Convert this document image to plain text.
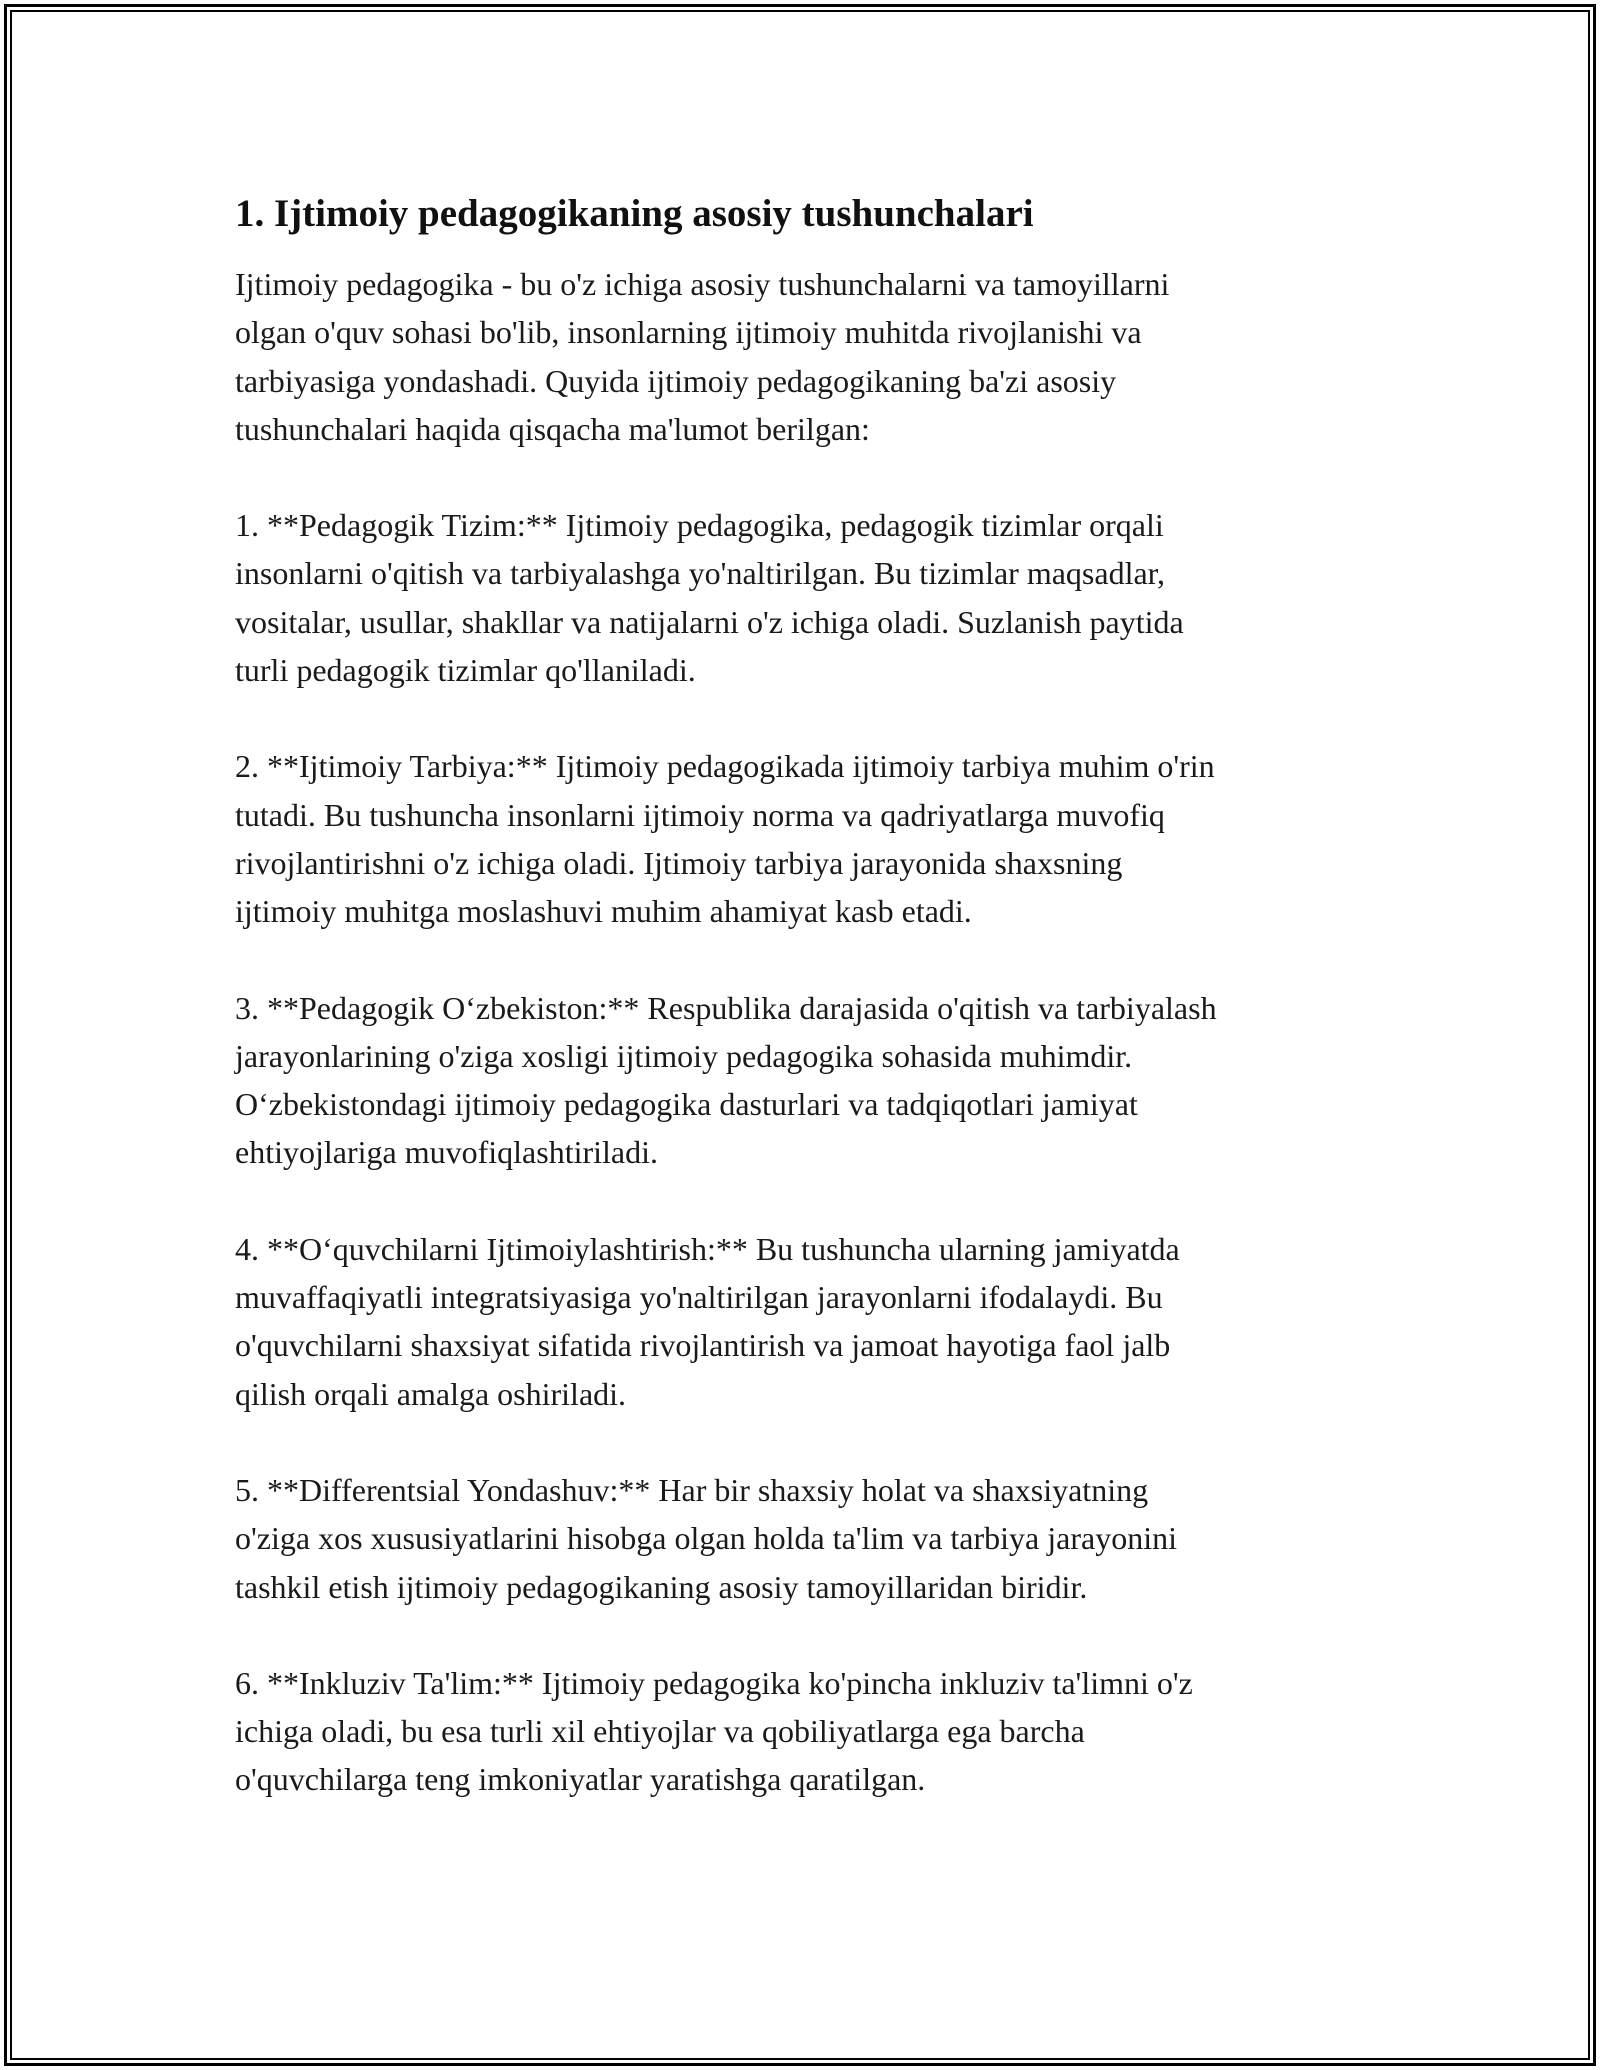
1. Ijtimoiy pedagogikaning asosiy tushunchalari

Ijtimoiy pedagogika - bu o'z ichiga asosiy tushunchalarni va tamoyillarni
olgan o'quv sohasi bo'lib, insonlarning ijtimoiy muhitda rivojlanishi va
tarbiyasiga yondashadi. Quyida ijtimoiy pedagogikaning ba'zi asosiy
tushunchalari haqida qisqacha ma'lumot berilgan:

1. **Pedagogik Tizim:** Ijtimoiy pedagogika, pedagogik tizimlar orqali
insonlarni o'qitish va tarbiyalashga yo'naltirilgan. Bu tizimlar maqsadlar,
vositalar, usullar, shakllar va natijalarni o'z ichiga oladi. Suzlanish paytida
turli pedagogik tizimlar qo'llaniladi.

2. **Ijtimoiy Tarbiya:** Ijtimoiy pedagogikada ijtimoiy tarbiya muhim o'rin
tutadi. Bu tushuncha insonlarni ijtimoiy norma va qadriyatlarga muvofiq
rivojlantirishni o'z ichiga oladi. Ijtimoiy tarbiya jarayonida shaxsning
ijtimoiy muhitga moslashuvi muhim ahamiyat kasb etadi.

3. **Pedagogik O‘zbekiston:** Respublika darajasida o'qitish va tarbiyalash
jarayonlarining o'ziga xosligi ijtimoiy pedagogika sohasida muhimdir.
O‘zbekistondagi ijtimoiy pedagogika dasturlari va tadqiqotlari jamiyat
ehtiyojlariga muvofiqlashtiriladi.

4. **O‘quvchilarni Ijtimoiylashtirish:** Bu tushuncha ularning jamiyatda
muvaffaqiyatli integratsiyasiga yo'naltirilgan jarayonlarni ifodalaydi. Bu
o'quvchilarni shaxsiyat sifatida rivojlantirish va jamoat hayotiga faol jalb
qilish orqali amalga oshiriladi.

5. **Differentsial Yondashuv:** Har bir shaxsiy holat va shaxsiyatning
o'ziga xos xususiyatlarini hisobga olgan holda ta'lim va tarbiya jarayonini
tashkil etish ijtimoiy pedagogikaning asosiy tamoyillaridan biridir.

6. **Inkluziv Ta'lim:** Ijtimoiy pedagogika ko'pincha inkluziv ta'limni o'z
ichiga oladi, bu esa turli xil ehtiyojlar va qobiliyatlarga ega barcha
o'quvchilarga teng imkoniyatlar yaratishga qaratilgan.
